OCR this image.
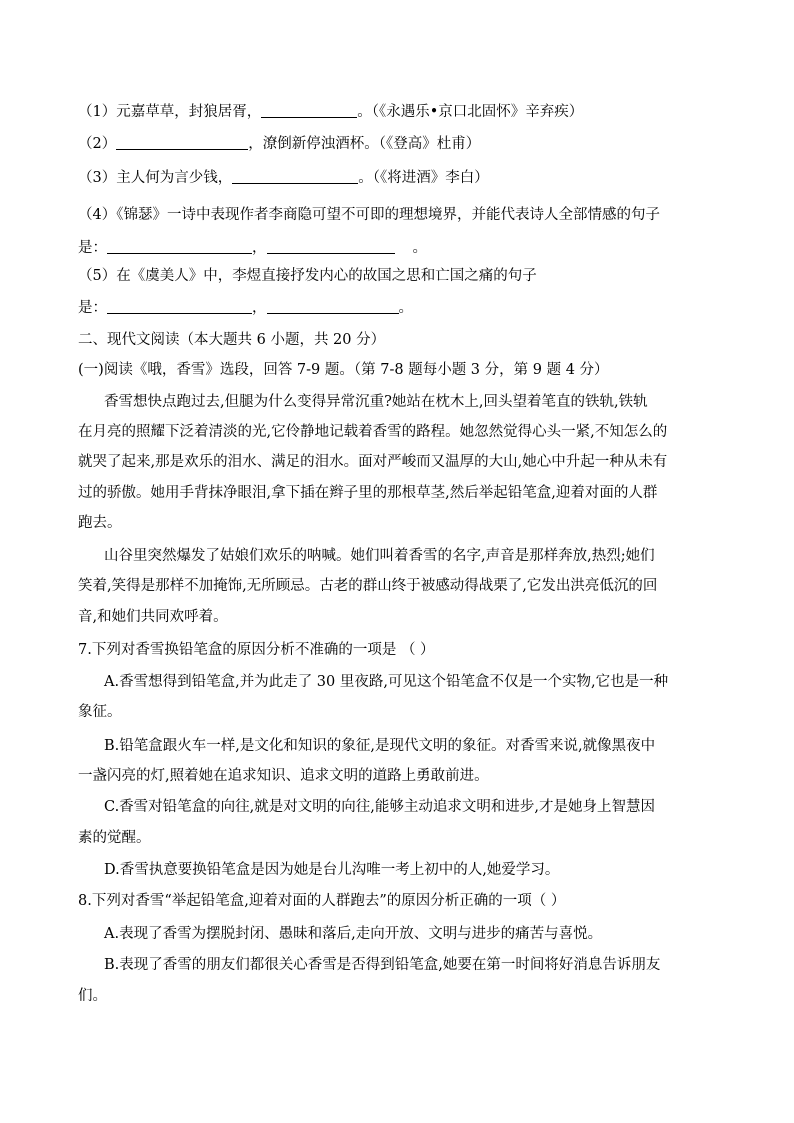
（1）元嘉草草，封狼居胥，	。（《永遇乐•京口北固怀》辛弃疾）
（2）	，潦倒新停浊酒杯。（《登高》杜甫）
（3）主人何为言少钱，	。（《将进酒》李白）
（4）《锦瑟》一诗中表现作者李商隐可望不可即的理想境界，并能代表诗人全部情感的句子
是：	，	。
（5）在《虞美人》中，李煜直接抒发内心的故国之思和亡国之痛的句子
是：	，	。
二、现代文阅读（本大题共 6 小题，共 20 分）
(一)阅读《哦，香雪》选段，回答 7-9 题。（第 7-8 题每小题 3 分，第 9 题 4 分）
香雪想快点跑过去,但腿为什么变得异常沉重?她站在枕木上,回头望着笔直的铁轨,铁轨
在月亮的照耀下泛着清淡的光,它伶静地记载着香雪的路程。她忽然觉得心头一紧,不知怎么的
就哭了起来,那是欢乐的泪水、满足的泪水。面对严峻而又温厚的大山,她心中升起一种从未有
过的骄傲。她用手背抹净眼泪,拿下插在辫子里的那根草茎,然后举起铅笔盒,迎着对面的人群
跑去。
山谷里突然爆发了姑娘们欢乐的呐喊。她们叫着香雪的名字,声音是那样奔放,热烈;她们
笑着,笑得是那样不加掩饰,无所顾忌。古老的群山终于被感动得战栗了,它发出洪亮低沉的回
音,和她们共同欢呼着。
7.下列对香雪换铅笔盒的原因分析不准确的一项是 （ ）
A.香雪想得到铅笔盒,并为此走了 30 里夜路,可见这个铅笔盒不仅是一个实物,它也是一种
象征。
B.铅笔盒跟火车一样,是文化和知识的象征,是现代文明的象征。对香雪来说,就像黑夜中
一盏闪亮的灯,照着她在追求知识、追求文明的道路上勇敢前进。
C.香雪对铅笔盒的向往,就是对文明的向往,能够主动追求文明和进步,才是她身上智慧因
素的觉醒。
D.香雪执意要换铅笔盒是因为她是台儿沟唯一考上初中的人,她爱学习。
8.下列对香雪“举起铅笔盒,迎着对面的人群跑去”的原因分析正确的一项（ ）
A.表现了香雪为摆脱封闭、愚昧和落后,走向开放、文明与进步的痛苦与喜悦。
B.表现了香雪的朋友们都很关心香雪是否得到铅笔盒,她要在第一时间将好消息告诉朋友
们。
